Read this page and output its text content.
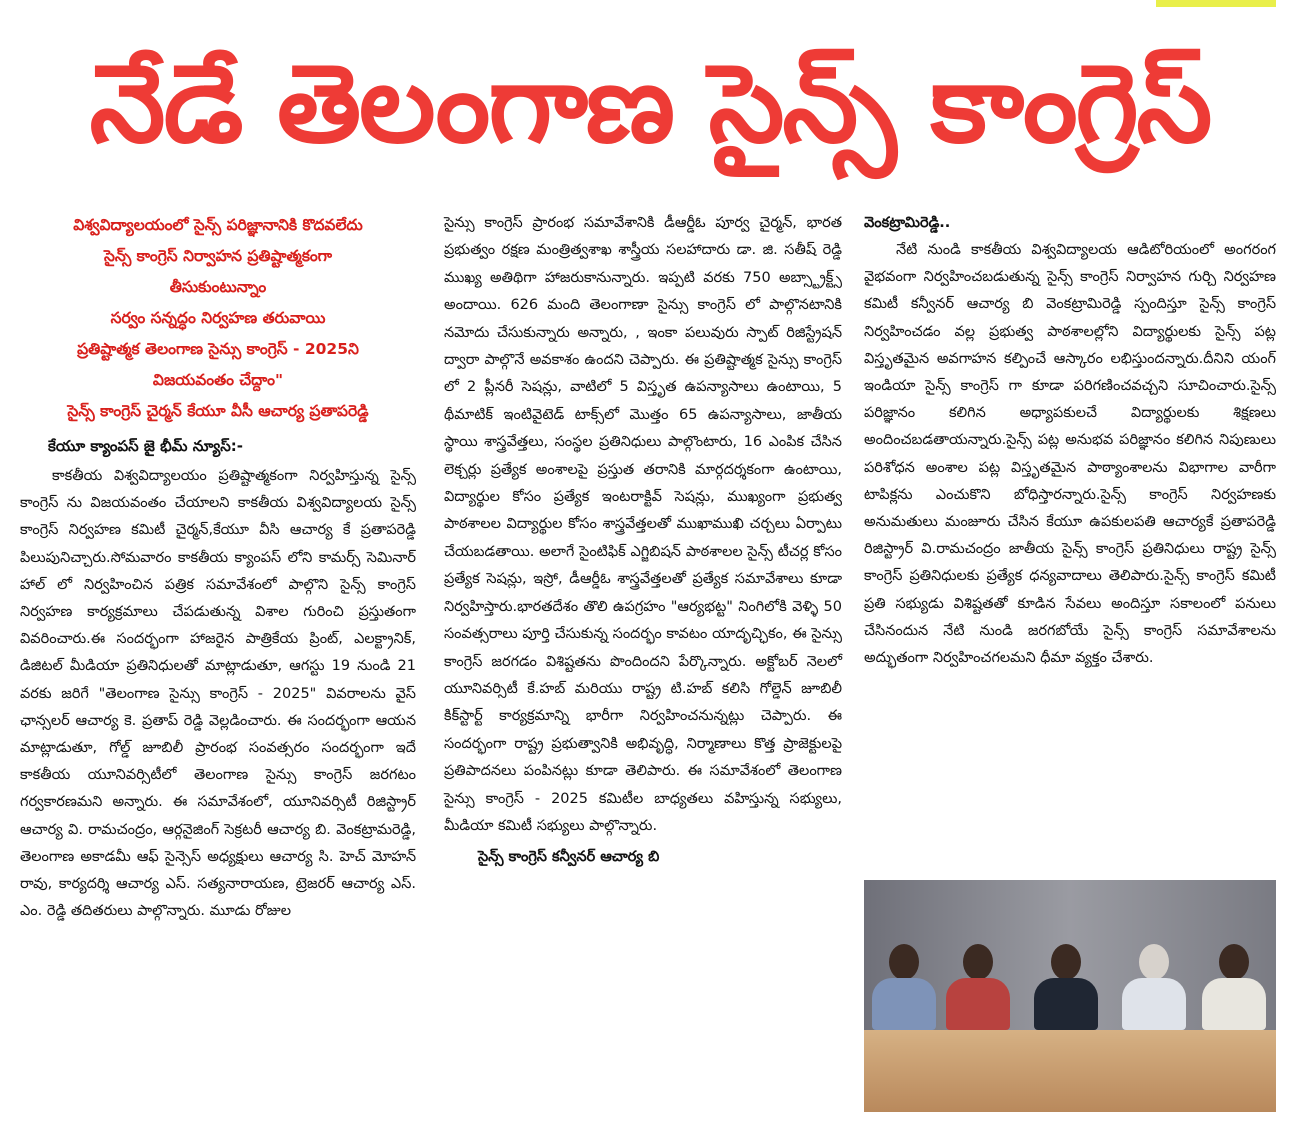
నేడే తెలంగాణ సైన్స్ కాంగ్రెస్
విశ్వవిద్యాలయంలో సైన్స్ పరిజ్ఞానానికి కొదవలేదు
సైన్స్ కాంగ్రెస్ నిర్వాహన ప్రతిష్టాత్మకంగా
తీసుకుంటున్నాం
సర్వం సన్నద్ధం నిర్వహణ తరువాయి
ప్రతిష్టాత్మక తెలంగాణ సైన్సు కాంగ్రెస్ - 2025ని
విజయవంతం చేద్దాం"
సైన్స్ కాంగ్రెస్ చైర్మన్ కేయూ వీసీ ఆచార్య ప్రతాపరెడ్డి

కేయూ క్యాంపస్ జై భీమ్ న్యూస్:-

కాకతీయ విశ్వవిద్యాలయం ప్రతిష్టాత్మకంగా నిర్వహిస్తున్న సైన్స్ కాంగ్రెస్ ను విజయవంతం చేయాలని కాకతీయ విశ్వవిద్యాలయ సైన్స్ కాంగ్రెస్ నిర్వహణ కమిటీ చైర్మన్,కేయూ వీసి ఆచార్య కే ప్రతాపరెడ్డి పిలుపునిచ్చారు.సోమవారం కాకతీయ క్యాంపస్ లోని కామర్స్ సెమినార్ హాల్ లో నిర్వహించిన పత్రిక సమావేశంలో పాల్గొని సైన్స్ కాంగ్రెస్ నిర్వహణ కార్యక్రమాలు చేపడుతున్న విశాల గురించి ప్రస్తుతంగా వివరించారు.ఈ సందర్భంగా హాజరైన పాత్రికేయ ప్రింట్, ఎలక్ట్రానిక్, డిజిటల్ మీడియా ప్రతినిధులతో మాట్లాడుతూ, ఆగస్టు 19 నుండి 21 వరకు జరిగే "తెలంగాణ సైన్సు కాంగ్రెస్ - 2025" వివరాలను వైస్ ఛాన్సలర్ ఆచార్య కె. ప్రతాప్ రెడ్డి వెల్లడించారు. ఈ సందర్భంగా ఆయన మాట్లాడుతూ, గోల్డ్ జూబిలీ ప్రారంభ సంవత్సరం సందర్భంగా ఇదే కాకతీయ యూనివర్సిటీలో తెలంగాణ సైన్సు కాంగ్రెస్ జరగటం గర్వకారణమని అన్నారు. ఈ సమావేశంలో, యూనివర్సిటీ రిజిస్ట్రార్ ఆచార్య వి. రామచంద్రం, ఆర్గనైజింగ్ సెక్రటరీ ఆచార్య బి. వెంకట్రామరెడ్డి, తెలంగాణ అకాడమీ ఆఫ్ సైన్సెస్ అధ్యక్షులు ఆచార్య సి. హెచ్ మోహన్ రావు, కార్యదర్శి ఆచార్య ఎస్. సత్యనారాయణ, ట్రెజరర్ ఆచార్య ఎస్. ఎం. రెడ్డి తదితరులు పాల్గొన్నారు. మూడు రోజుల

సైన్సు కాంగ్రెస్ ప్రారంభ సమావేశానికి డీఆర్డీఓ పూర్వ చైర్మన్, భారత ప్రభుత్వం రక్షణ మంత్రిత్వశాఖ శాస్త్రీయ సలహాదారు డా. జి. సతీష్ రెడ్డి ముఖ్య అతిథిగా హాజరుకానున్నారు. ఇప్పటి వరకు 750 అబ్స్ట్రాక్ట్స్ అందాయి. 626 మంది తెలంగాణా సైన్సు కాంగ్రెస్ లో పాల్గొనటానికి నమోదు చేసుకున్నారు అన్నారు, , ఇంకా పలువురు స్పాట్ రిజిస్ట్రేషన్ ద్వారా పాల్గొనే అవకాశం ఉందని చెప్పారు. ఈ ప్రతిష్టాత్మక సైన్సు కాంగ్రెస్ లో 2 ప్లీనరీ సెషన్లు, వాటిలో 5 విస్తృత ఉపన్యాసాలు ఉంటాయి, 5 థీమాటిక్ ఇంటివైటెడ్ టాక్స్‌లో మొత్తం 65 ఉపన్యాసాలు, జాతీయ స్థాయి శాస్త్రవేత్తలు, సంస్థల ప్రతినిధులు పాల్గొంటారు, 16 ఎంపిక చేసిన లెక్చర్లు ప్రత్యేక అంశాలపై ప్రస్తుత తరానికి మార్గదర్శకంగా ఉంటాయి, విద్యార్థుల కోసం ప్రత్యేక ఇంటరాక్టివ్ సెషన్లు, ముఖ్యంగా ప్రభుత్వ పాఠశాలల విద్యార్థుల కోసం శాస్త్రవేత్తలతో ముఖాముఖి చర్చలు ఏర్పాటు చేయబడతాయి. అలాగే సైంటిఫిక్ ఎగ్జిబిషన్ పాఠశాలల సైన్స్ టీచర్ల కోసం ప్రత్యేక సెషన్లు, ఇస్రో, డీఆర్డీఓ శాస్త్రవేత్తలతో ప్రత్యేక సమావేశాలు కూడా నిర్వహిస్తారు.భారతదేశం తొలి ఉపగ్రహం "ఆర్యభట్ట" నింగిలోకి వెళ్ళి 50 సంవత్సరాలు పూర్తి చేసుకున్న సందర్భం కావటం యాదృచ్ఛికం, ఈ సైన్సు కాంగ్రెస్ జరగడం విశిష్టతను పొందిందని పేర్కొన్నారు. అక్టోబర్ నెలలో యూనివర్సిటీ కే.హబ్ మరియు రాష్ట్ర టి.హబ్ కలిసి గోల్డెన్ జూబిలీ కిక్‌స్టార్ట్ కార్యక్రమాన్ని భారీగా నిర్వహించనున్నట్లు చెప్పారు. ఈ సందర్భంగా రాష్ట్ర ప్రభుత్వానికి అభివృద్ధి, నిర్మాణాలు కొత్త ప్రాజెక్టులపై ప్రతిపాదనలు పంపినట్లు కూడా తెలిపారు. ఈ సమావేశంలో తెలంగాణ సైన్సు కాంగ్రెస్ - 2025 కమిటీల బాధ్యతలు వహిస్తున్న సభ్యులు, మీడియా కమిటీ సభ్యులు పాల్గొన్నారు.

సైన్స్ కాంగ్రెస్ కన్వీనర్ ఆచార్య బి

వెంకట్రామిరెడ్డి..

నేటి నుండి కాకతీయ విశ్వవిద్యాలయ ఆడిటోరియంలో అంగరంగ వైభవంగా నిర్వహించబడుతున్న సైన్స్ కాంగ్రెస్ నిర్వాహన గుర్చి నిర్వహణ కమిటీ కన్వీనర్ ఆచార్య బి వెంకట్రామిరెడ్డి స్పందిస్తూ సైన్స్ కాంగ్రెస్ నిర్వహించడం వల్ల ప్రభుత్వ పాఠశాలల్లోని విద్యార్థులకు సైన్స్ పట్ల విస్తృతమైన అవగాహన కల్పించే ఆస్కారం లభిస్తుందన్నారు.దీనిని యంగ్ ఇండియా సైన్స్ కాంగ్రెస్ గా కూడా పరిగణించవచ్చని సూచించారు.సైన్స్ పరిజ్ఞానం కలిగిన అధ్యాపకులచే విద్యార్థులకు శిక్షణలు అందించబడతాయన్నారు.సైన్స్ పట్ల అనుభవ పరిజ్ఞానం కలిగిన నిపుణులు పరిశోధన అంశాల పట్ల విస్తృతమైన పాఠ్యాంశాలను విభాగాల వారీగా టాపిక్లను ఎంచుకొని బోధిస్తారన్నారు.సైన్స్ కాంగ్రెస్ నిర్వహణకు అనుమతులు మంజూరు చేసిన కేయూ ఉపకులపతి ఆచార్యకే ప్రతాపరెడ్డి రిజిస్ట్రార్ వి.రామచంద్రం జాతీయ సైన్స్ కాంగ్రెస్ ప్రతినిధులు రాష్ట్ర సైన్స్ కాంగ్రెస్ ప్రతినిధులకు ప్రత్యేక ధన్యవాదాలు తెలిపారు.సైన్స్ కాంగ్రెస్ కమిటీ ప్రతి సభ్యుడు విశిష్టతతో కూడిన సేవలు అందిస్తూ సకాలంలో పనులు చేసినందున నేటి నుండి జరగబోయే సైన్స్ కాంగ్రెస్ సమావేశాలను అద్భుతంగా నిర్వహించగలమని ధీమా వ్యక్తం చేశారు.
